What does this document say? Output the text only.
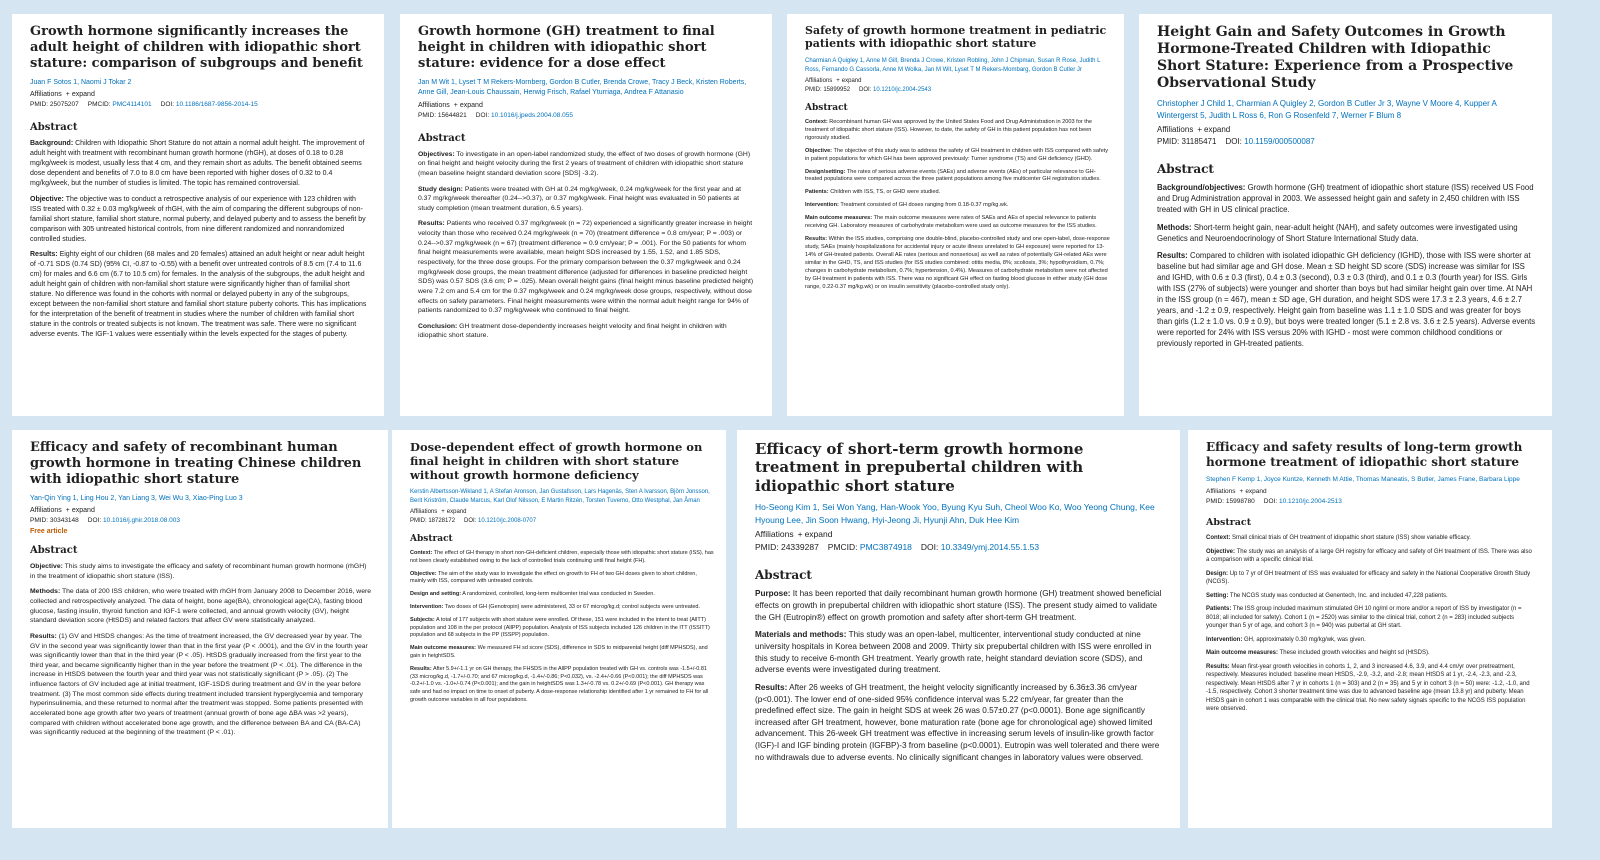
Growth hormone significantly increases the adult height of children with idiopathic short stature: comparison of subgroups and benefit
Juan F Sotos 1, Naomi J Tokar 2
Affiliations + expand
PMID: 25075207 PMCID: PMC4114101 DOI: 10.1186/1687-9856-2014-15
Abstract

Background: Children with Idiopathic Short Stature do not attain a normal adult height. The improvement of adult height with treatment with recombinant human growth hormone (rhGH), at doses of 0.18 to 0.28 mg/kg/week is modest, usually less that 4 cm, and they remain short as adults. The benefit obtained seems dose dependent and benefits of 7.0 to 8.0 cm have been reported with higher doses of 0.32 to 0.4 mg/kg/week, but the number of studies is limited. The topic has remained controversial.

Objective: The objective was to conduct a retrospective analysis of our experience with 123 children with ISS treated with 0.32 ± 0.03 mg/kg/week of rhGH, with the aim of comparing the different subgroups of non-familial short stature, familial short stature, normal puberty, and delayed puberty and to assess the benefit by comparison with 305 untreated historical controls, from nine different randomized and nonrandomized controlled studies.

Results: Eighty eight of our children (68 males and 20 females) attained an adult height or near adult height of -0.71 SDS (0.74 SD) (95% CI, -0.87 to -0.55) with a benefit over untreated controls of 8.5 cm (7.4 to 11.6 cm) for males and 6.6 cm (6.7 to 10.5 cm) for females. In the analysis of the subgroups, the adult height and adult height gain of children with non-familial short stature were significantly higher than of familial short stature. No difference was found in the cohorts with normal or delayed puberty in any of the subgroups, except between the non-familial short stature and familial short stature puberty cohorts. This has implications for the interpretation of the benefit of treatment in studies where the number of children with familial short stature in the controls or treated subjects is not known. The treatment was safe. There were no significant adverse events. The IGF-1 values were essentially within the levels expected for the stages of puberty.

Growth hormone (GH) treatment to final height in children with idiopathic short stature: evidence for a dose effect
Jan M Wit 1, Lyset T M Rekers-Mornberg, Gordon B Cutler, Brenda Crowe, Tracy J Beck, Kristen Roberts, Anne Gill, Jean-Louis Chaussain, Herwig Frisch, Rafael Yturriaga, Andrea F Attanasio
Affiliations + expand
PMID: 15644821 DOI: 10.1016/j.jpeds.2004.08.055
Abstract

Objectives: To investigate in an open-label randomized study, the effect of two doses of growth hormone (GH) on final height and height velocity during the first 2 years of treatment of children with idiopathic short stature (mean baseline height standard deviation score [SDS] -3.2).

Study design: Patients were treated with GH at 0.24 mg/kg/week, 0.24 mg/kg/week for the first year and at 0.37 mg/kg/week thereafter (0.24-->0.37), or 0.37 mg/kg/week. Final height was evaluated in 50 patients at study completion (mean treatment duration, 6.5 years).

Results: Patients who received 0.37 mg/kg/week (n = 72) experienced a significantly greater increase in height velocity than those who received 0.24 mg/kg/week (n = 70) (treatment difference = 0.8 cm/year; P = .003) or 0.24-->0.37 mg/kg/week (n = 67) (treatment difference = 0.9 cm/year; P = .001). For the 50 patients for whom final height measurements were available, mean height SDS increased by 1.55, 1.52, and 1.85 SDS, respectively, for the three dose groups. For the primary comparison between the 0.37 mg/kg/week and 0.24 mg/kg/week dose groups, the mean treatment difference (adjusted for differences in baseline predicted height SDS) was 0.57 SDS (3.6 cm; P = .025). Mean overall height gains (final height minus baseline predicted height) were 7.2 cm and 5.4 cm for the 0.37 mg/kg/week and 0.24 mg/kg/week dose groups, respectively, without dose effects on safety parameters. Final height measurements were within the normal adult height range for 94% of patients randomized to 0.37 mg/kg/week who continued to final height.

Conclusion: GH treatment dose-dependently increases height velocity and final height in children with idiopathic short stature.

Safety of growth hormone treatment in pediatric patients with idiopathic short stature
Charmian A Quigley 1, Anne M Gill, Brenda J Crowe, Kristen Robling, John J Chipman, Susan R Rose, Judith L Ross, Fernando G Cassorla, Anne M Wolka, Jan M Wit, Lyset T M Rekers-Mombarg, Gordon B Cutler Jr
Affiliations + expand
PMID: 15899952 DOI: 10.1210/jc.2004-2543
Abstract

Context: Recombinant human GH was approved by the United States Food and Drug Administration in 2003 for the treatment of idiopathic short stature (ISS). However, to date, the safety of GH in this patient population has not been rigorously studied.

Objective: The objective of this study was to address the safety of GH treatment in children with ISS compared with safety in patient populations for which GH has been approved previously: Turner syndrome (TS) and GH deficiency (GHD).

Design/setting: The rates of serious adverse events (SAEs) and adverse events (AEs) of particular relevance to GH-treated populations were compared across the three patient populations among five multicenter GH registration studies.

Patients: Children with ISS, TS, or GHD were studied.

Intervention: Treatment consisted of GH doses ranging from 0.18-0.37 mg/kg.wk.

Main outcome measures: The main outcome measures were rates of SAEs and AEs of special relevance to patients receiving GH. Laboratory measures of carbohydrate metabolism were used as outcome measures for the ISS studies.

Results: Within the ISS studies, comprising one double-blind, placebo-controlled study and one open-label, dose-response study, SAEs (mainly hospitalizations for accidental injury or acute illness unrelated to GH exposure) were reported for 13-14% of GH-treated patients. Overall AE rates (serious and nonserious) as well as rates of potentially GH-related AEs were similar in the GHD, TS, and ISS studies (for ISS studies combined: otitis media, 8%; scoliosis, 3%; hypothyroidism, 0.7%; changes in carbohydrate metabolism, 0.7%; hypertension, 0.4%). Measures of carbohydrate metabolism were not affected by GH treatment in patients with ISS. There was no significant GH effect on fasting blood glucose in either study (GH dose range, 0.22-0.37 mg/kg.wk) or on insulin sensitivity (placebo-controlled study only).

Height Gain and Safety Outcomes in Growth Hormone-Treated Children with Idiopathic Short Stature: Experience from a Prospective Observational Study
Christopher J Child 1, Charmian A Quigley 2, Gordon B Cutler Jr 3, Wayne V Moore 4, Kupper A Wintergerst 5, Judith L Ross 6, Ron G Rosenfeld 7, Werner F Blum 8
Affiliations + expand
PMID: 31185471 DOI: 10.1159/000500087
Abstract

Background/objectives: Growth hormone (GH) treatment of idiopathic short stature (ISS) received US Food and Drug Administration approval in 2003. We assessed height gain and safety in 2,450 children with ISS treated with GH in US clinical practice.

Methods: Short-term height gain, near-adult height (NAH), and safety outcomes were investigated using Genetics and Neuroendocrinology of Short Stature International Study data.

Results: Compared to children with isolated idiopathic GH deficiency (IGHD), those with ISS were shorter at baseline but had similar age and GH dose. Mean ± SD height SD score (SDS) increase was similar for ISS and IGHD, with 0.6 ± 0.3 (first), 0.4 ± 0.3 (second), 0.3 ± 0.3 (third), and 0.1 ± 0.3 (fourth year) for ISS. Girls with ISS (27% of subjects) were younger and shorter than boys but had similar height gain over time. At NAH in the ISS group (n = 467), mean ± SD age, GH duration, and height SDS were 17.3 ± 2.3 years, 4.6 ± 2.7 years, and -1.2 ± 0.9, respectively. Height gain from baseline was 1.1 ± 1.0 SDS and was greater for boys than girls (1.2 ± 1.0 vs. 0.9 ± 0.9), but boys were treated longer (5.1 ± 2.8 vs. 3.6 ± 2.5 years). Adverse events were reported for 24% with ISS versus 20% with IGHD - most were common childhood conditions or previously reported in GH-treated patients.

Efficacy and safety of recombinant human growth hormone in treating Chinese children with idiopathic short stature
Yan-Qin Ying 1, Ling Hou 2, Yan Liang 3, Wei Wu 3, Xiao-Ping Luo 3
Affiliations + expand
PMID: 30343148 DOI: 10.1016/j.ghir.2018.08.003
Free article
Abstract

Objective: This study aims to investigate the efficacy and safety of recombinant human growth hormone (rhGH) in the treatment of idiopathic short stature (ISS).

Methods: The data of 200 ISS children, who were treated with rhGH from January 2008 to December 2016, were collected and retrospectively analyzed. The data of height, bone age(BA), chronological age(CA), fasting blood glucose, fasting insulin, thyroid function and IGF-1 were collected, and annual growth velocity (GV), height standard deviation score (HtSDS) and related factors that affect GV were statistically analyzed.

Results: (1) GV and HtSDS changes: As the time of treatment increased, the GV decreased year by year. The GV in the second year was significantly lower than that in the first year (P < .0001), and the GV in the fourth year was significantly lower than that in the third year (P < .05). HtSDS gradually increased from the first year to the third year, and became significantly higher than in the year before the treatment (P < .01). The difference in the increase in HtSDS between the fourth year and third year was not statistically significant (P > .05). (2) The influence factors of GV included age at initial treatment, IGF-1SDS during treatment and GV in the year before treatment. (3) The most common side effects during treatment included transient hyperglycemia and temporary hyperinsulinemia, and these returned to normal after the treatment was stopped. Some patients presented with accelerated bone age growth after two years of treatment (annual growth of bone age ΔBA was >2 years), compared with children without accelerated bone age growth, and the difference between BA and CA (BA-CA) was significantly reduced at the beginning of the treatment (P < .01).

Dose-dependent effect of growth hormone on final height in children with short stature without growth hormone deficiency
Kerstin Albertsson-Wikland 1, A Stefan Aronson, Jan Gustafsson, Lars Hagenäs, Sten A Ivarsson, Björn Jonsson, Berit Kriström, Claude Marcus, Karl Olof Nilsson, E Martin Ritzén, Torsten Tuvemo, Otto Westphal, Jan Åman
Affiliations + expand
PMID: 18728172 DOI: 10.1210/jc.2008-0707
Abstract

Context: The effect of GH therapy in short non-GH-deficient children, especially those with idiopathic short stature (ISS), has not been clearly established owing to the lack of controlled trials continuing until final height (FH).

Objective: The aim of the study was to investigate the effect on growth to FH of two GH doses given to short children, mainly with ISS, compared with untreated controls.

Design and setting: A randomized, controlled, long-term multicenter trial was conducted in Sweden.

Intervention: Two doses of GH (Genotropin) were administered, 33 or 67 microg/kg.d; control subjects were untreated.

Subjects: A total of 177 subjects with short stature were enrolled. Of these, 151 were included in the intent to treat (AllTT) population and 108 in the per protocol (AllPP) population. Analysis of ISS subjects included 126 children in the ITT (ISSITT) population and 68 subjects in the PP (ISSPP) population.

Main outcome measures: We measured FH sd score (SDS), difference in SDS to midparental height (diff MPHSDS), and gain in heightSDS.

Results: After 5.9+/-1.1 yr on GH therapy, the FHSDS in the AllPP population treated with GH vs. controls was -1.5+/-0.81 (33 microg/kg.d, -1.7+/-0.70; and 67 microg/kg.d, -1.4+/-0.86; P<0.032), vs. -2.4+/-0.66 (P<0.001); the diff MPHSDS was -0.2+/-1.0 vs. -1.0+/-0.74 (P<0.001); and the gain in heightSDS was 1.3+/-0.78 vs. 0.2+/-0.69 (P<0.001). GH therapy was safe and had no impact on time to onset of puberty. A dose-response relationship identified after 1 yr remained to FH for all growth outcome variables in all four populations.

Efficacy of short-term growth hormone treatment in prepubertal children with idiopathic short stature
Ho-Seong Kim 1, Sei Won Yang, Han-Wook Yoo, Byung Kyu Suh, Cheol Woo Ko, Woo Yeong Chung, Kee Hyoung Lee, Jin Soon Hwang, Hyi-Jeong Ji, Hyunji Ahn, Duk Hee Kim
Affiliations + expand
PMID: 24339287 PMCID: PMC3874918 DOI: 10.3349/ymj.2014.55.1.53
Abstract

Purpose: It has been reported that daily recombinant human growth hormone (GH) treatment showed beneficial effects on growth in prepubertal children with idiopathic short stature (ISS). The present study aimed to validate the GH (Eutropin®) effect on growth promotion and safety after short-term GH treatment.

Materials and methods: This study was an open-label, multicenter, interventional study conducted at nine university hospitals in Korea between 2008 and 2009. Thirty six prepubertal children with ISS were enrolled in this study to receive 6-month GH treatment. Yearly growth rate, height standard deviation score (SDS), and adverse events were investigated during treatment.

Results: After 26 weeks of GH treatment, the height velocity significantly increased by 6.36±3.36 cm/year (p<0.001). The lower end of one-sided 95% confidence interval was 5.22 cm/year, far greater than the predefined effect size. The gain in height SDS at week 26 was 0.57±0.27 (p<0.0001). Bone age significantly increased after GH treatment, however, bone maturation rate (bone age for chronological age) showed limited advancement. This 26-week GH treatment was effective in increasing serum levels of insulin-like growth factor (IGF)-I and IGF binding protein (IGFBP)-3 from baseline (p<0.0001). Eutropin was well tolerated and there were no withdrawals due to adverse events. No clinically significant changes in laboratory values were observed.

Efficacy and safety results of long-term growth hormone treatment of idiopathic short stature
Stephen F Kemp 1, Joyce Kuntze, Kenneth M Attie, Thomas Maneatis, S Butler, James Frane, Barbara Lippe
Affiliations + expand
PMID: 15998780 DOI: 10.1210/jc.2004-2513
Abstract

Context: Small clinical trials of GH treatment of idiopathic short stature (ISS) show variable efficacy.

Objective: The study was an analysis of a large GH registry for efficacy and safety of GH treatment of ISS. There was also a comparison with a specific clinical trial.

Design: Up to 7 yr of GH treatment of ISS was evaluated for efficacy and safety in the National Cooperative Growth Study (NCGS).

Setting: The NCGS study was conducted at Genentech, Inc. and included 47,228 patients.

Patients: The ISS group included maximum stimulated GH 10 ng/ml or more and/or a report of ISS by investigator (n = 8018; all included for safety). Cohort 1 (n = 2520) was similar to the clinical trial, cohort 2 (n = 283) included subjects younger than 5 yr of age, and cohort 3 (n = 940) was pubertal at GH start.

Intervention: GH, approximately 0.30 mg/kg/wk, was given.

Main outcome measures: These included growth velocities and height sd (HtSDS).

Results: Mean first-year growth velocities in cohorts 1, 2, and 3 increased 4.6, 3.9, and 4.4 cm/yr over pretreatment, respectively. Measures included: baseline mean HtSDS, -2.9, -3.2, and -2.8; mean HtSDS at 1 yr, -2.4, -2.3, and -2.3, respectively. Mean HtSDS after 7 yr in cohorts 1 (n = 303) and 2 (n = 35) and 5 yr in cohort 3 (n = 50) were: -1.2, -1.0, and -1.5, respectively. Cohort 3 shorter treatment time was due to advanced baseline age (mean 13.8 yr) and puberty. Mean HtSDS gain in cohort 1 was comparable with the clinical trial. No new safety signals specific to the NCGS ISS population were observed.
